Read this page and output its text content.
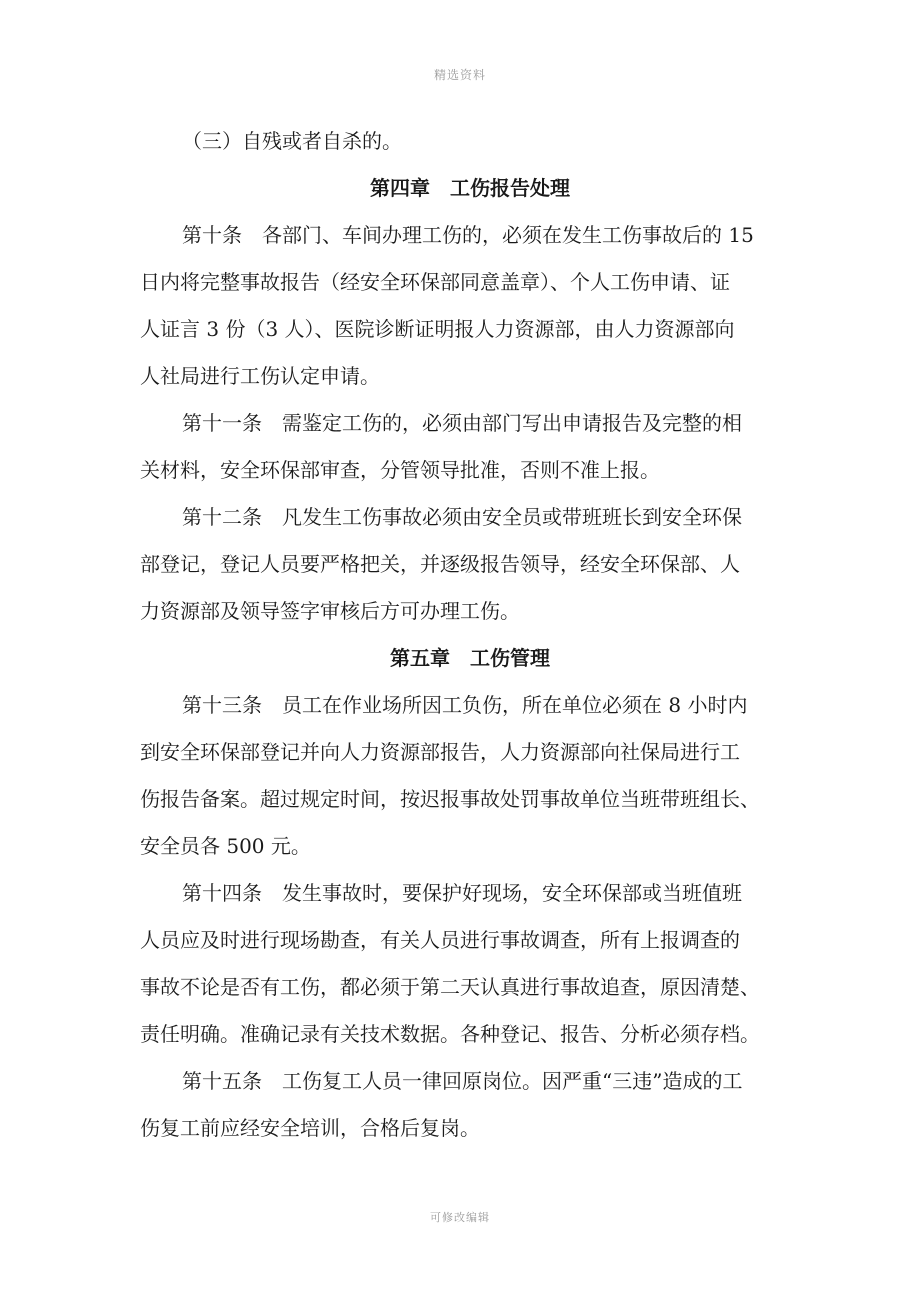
精选资料
（三）自残或者自杀的。
第四章　工伤报告处理
第十条　各部门、车间办理工伤的，必须在发生工伤事故后的 15
日内将完整事故报告（经安全环保部同意盖章）、个人工伤申请、证
人证言 3 份（3 人）、医院诊断证明报人力资源部，由人力资源部向
人社局进行工伤认定申请。
第十一条　需鉴定工伤的，必须由部门写出申请报告及完整的相
关材料，安全环保部审查，分管领导批准，否则不准上报。
第十二条　凡发生工伤事故必须由安全员或带班班长到安全环保
部登记，登记人员要严格把关，并逐级报告领导，经安全环保部、人
力资源部及领导签字审核后方可办理工伤。
第五章　工伤管理
第十三条　员工在作业场所因工负伤，所在单位必须在 8 小时内
到安全环保部登记并向人力资源部报告，人力资源部向社保局进行工
伤报告备案。超过规定时间，按迟报事故处罚事故单位当班带班组长、
安全员各 500 元。
第十四条　发生事故时，要保护好现场，安全环保部或当班值班
人员应及时进行现场勘查，有关人员进行事故调查，所有上报调查的
事故不论是否有工伤，都必须于第二天认真进行事故追查，原因清楚、
责任明确。准确记录有关技术数据。各种登记、报告、分析必须存档。
第十五条　工伤复工人员一律回原岗位。因严重“三违”造成的工
伤复工前应经安全培训，合格后复岗。
可修改编辑
